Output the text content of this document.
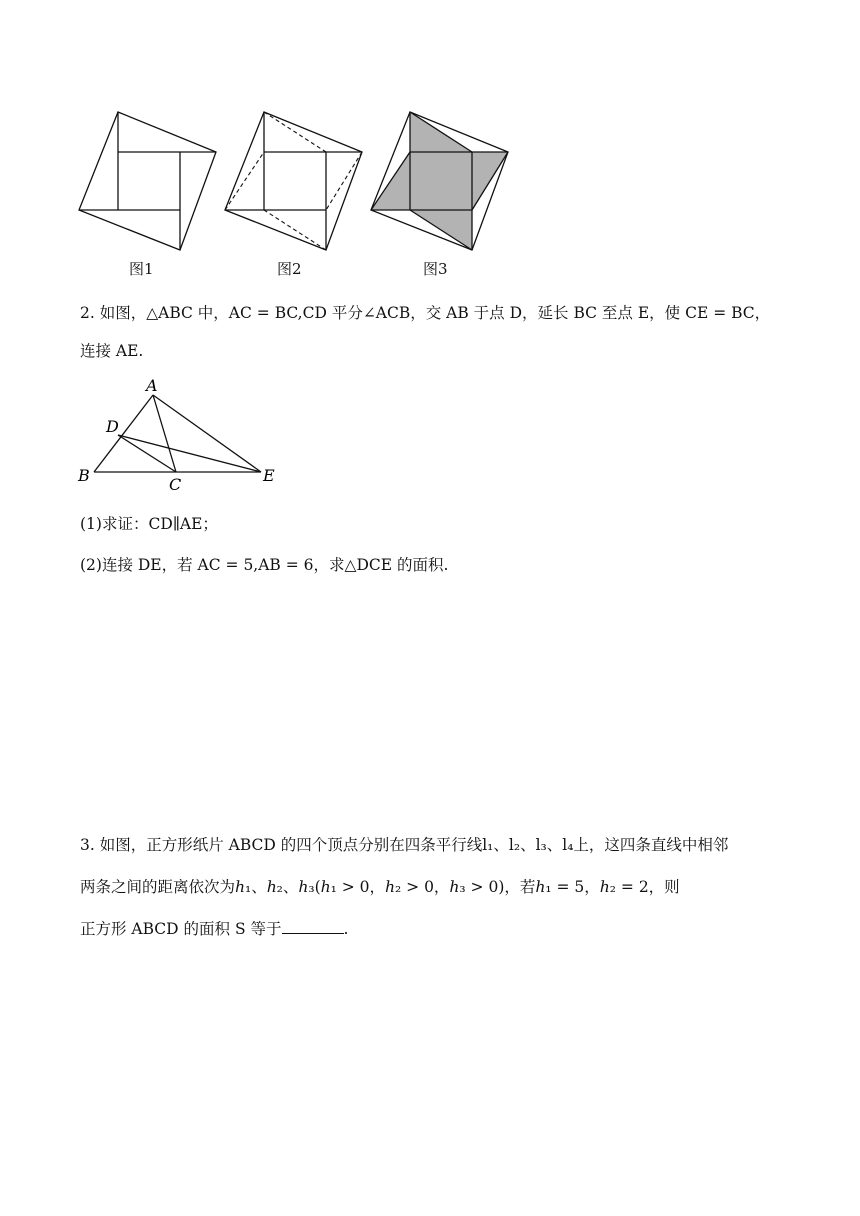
图1	图2	图3
2. 如图，△ABC 中，AC = BC,CD 平分∠ACB，交 AB 于点 D，延长 BC 至点 E，使 CE = BC，
连接 AE.
A
D
B	C	E
(1)求证：CD∥AE；
(2)连接 DE，若 AC = 5,AB = 6，求△DCE 的面积.
3. 如图，正方形纸片 ABCD 的四个顶点分别在四条平行线l₁、l₂、l₃、l₄上，这四条直线中相邻
两条之间的距离依次为ℎ₁、ℎ₂、ℎ₃(ℎ₁ > 0，ℎ₂ > 0，ℎ₃ > 0)，若ℎ₁ = 5，ℎ₂ = 2，则
正方形 ABCD 的面积 S 等于	.
